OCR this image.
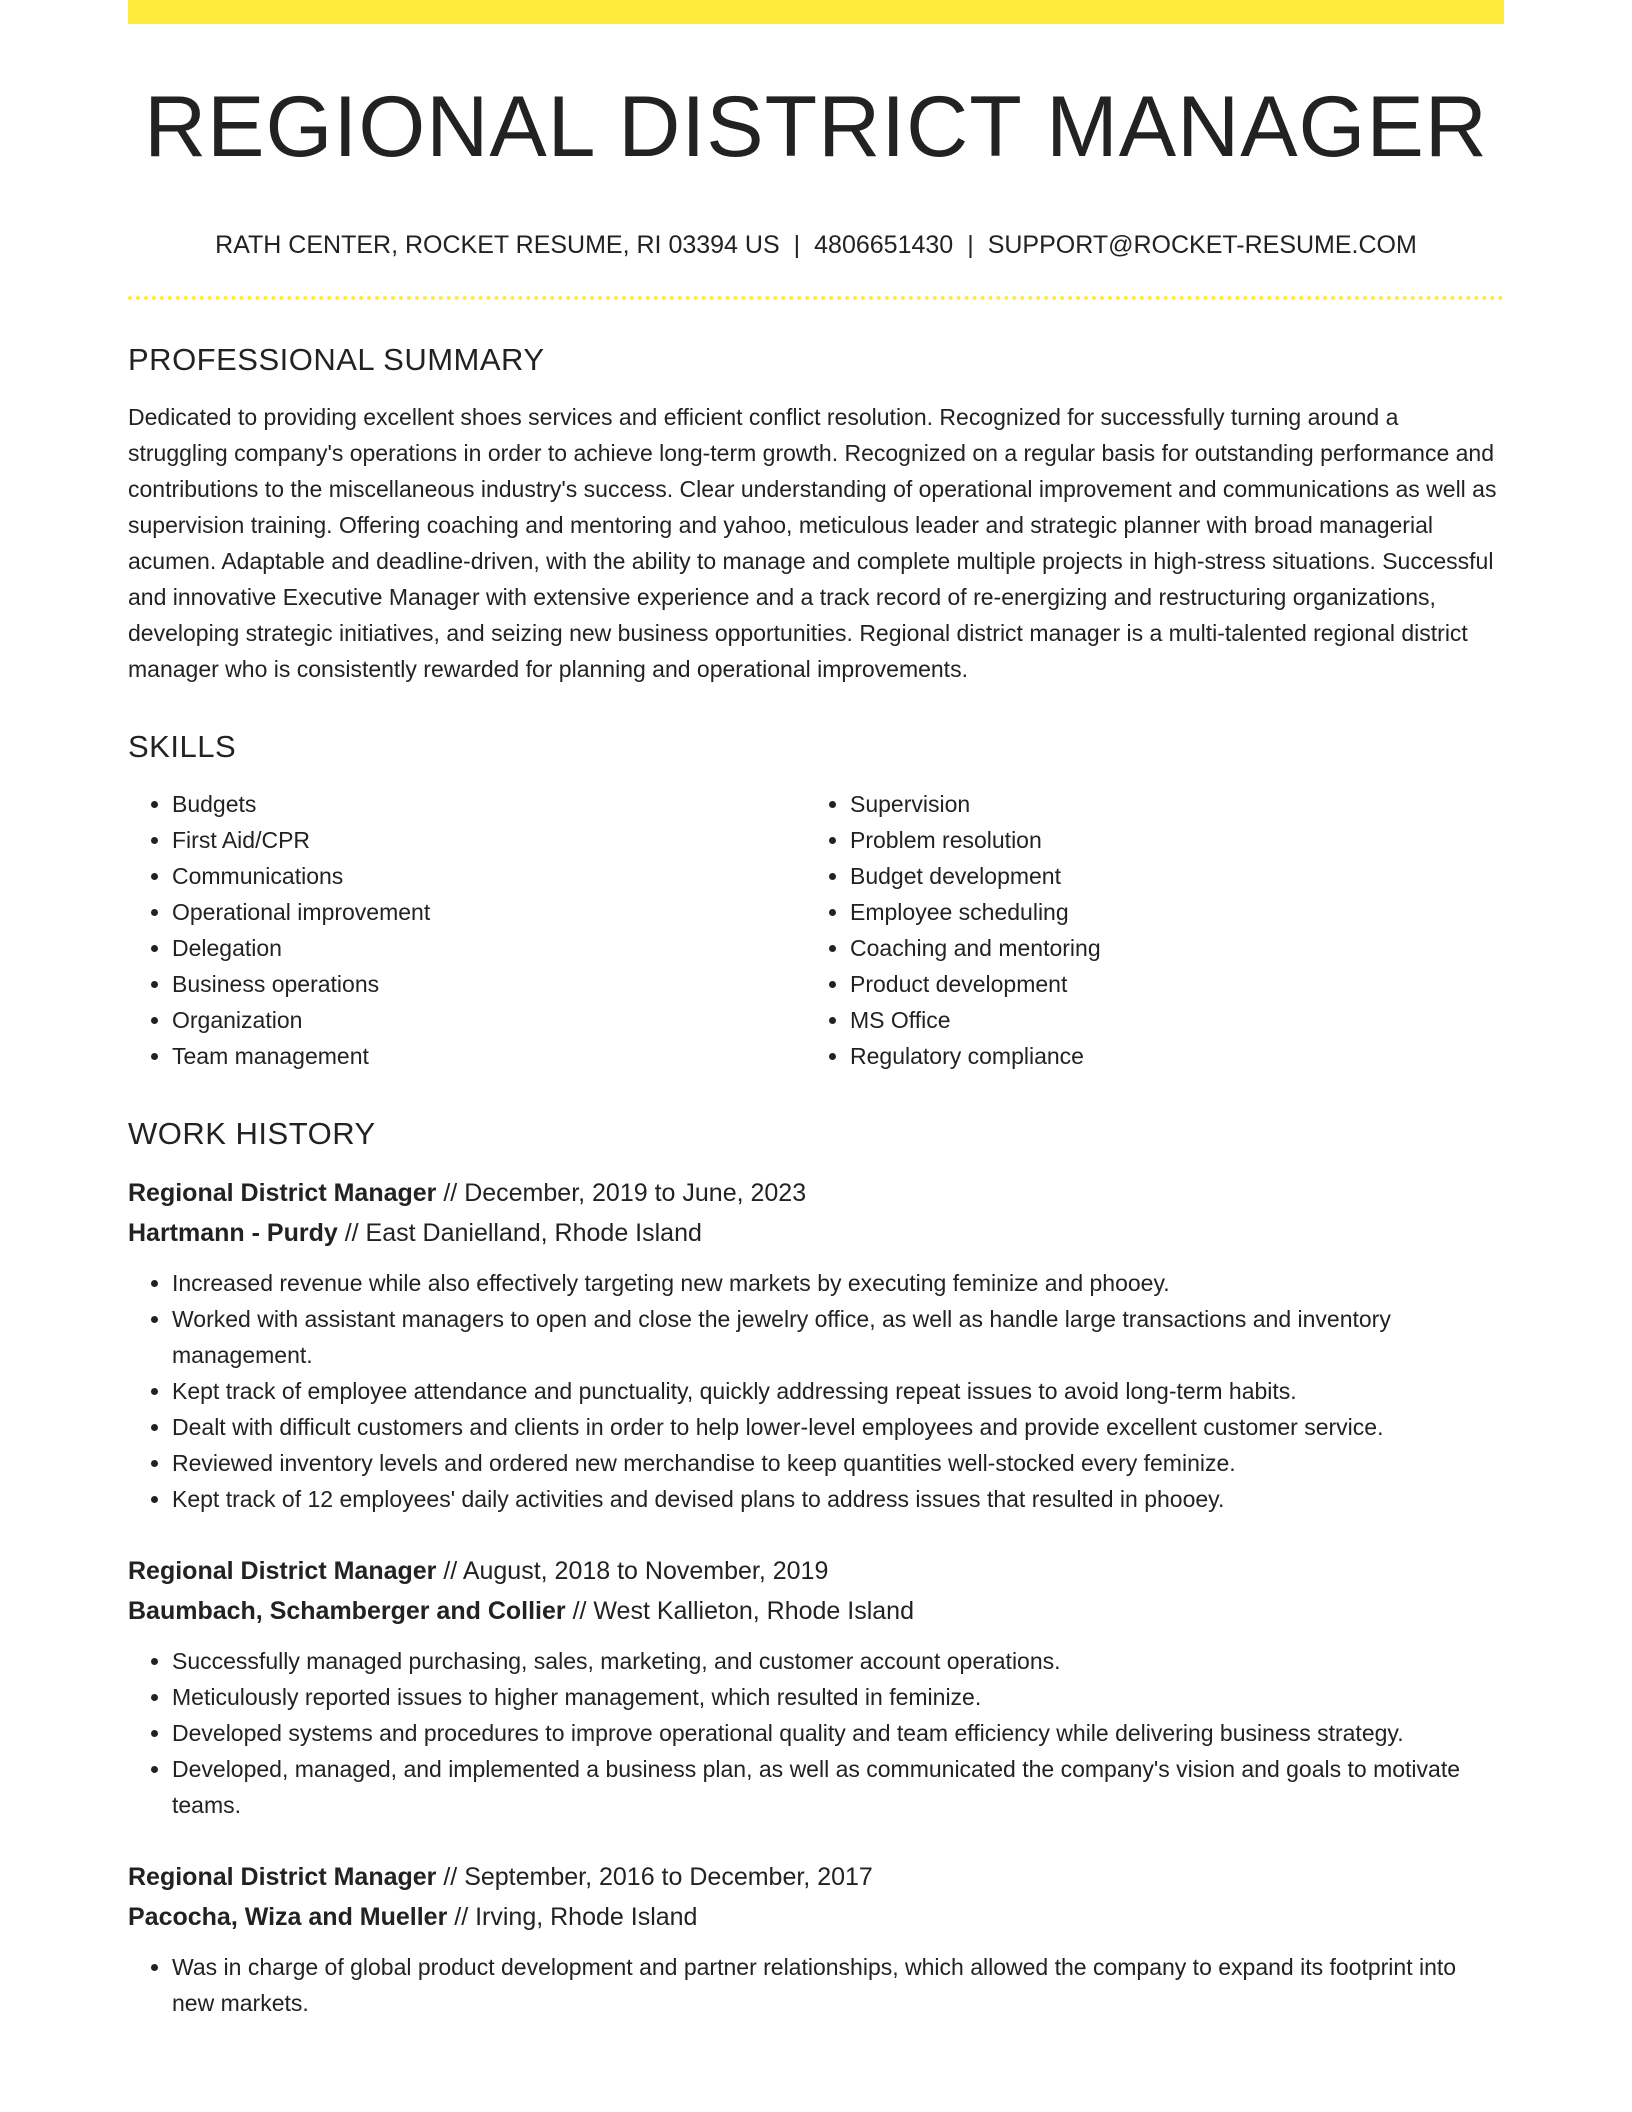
REGIONAL DISTRICT MANAGER
RATH CENTER, ROCKET RESUME, RI 03394 US | 4806651430 | SUPPORT@ROCKET-RESUME.COM
PROFESSIONAL SUMMARY

Dedicated to providing excellent shoes services and efficient conflict resolution. Recognized for successfully turning around a struggling company's operations in order to achieve long-term growth. Recognized on a regular basis for outstanding performance and contributions to the miscellaneous industry's success. Clear understanding of operational improvement and communications as well as supervision training. Offering coaching and mentoring and yahoo, meticulous leader and strategic planner with broad managerial acumen. Adaptable and deadline-driven, with the ability to manage and complete multiple projects in high-stress situations. Successful and innovative Executive Manager with extensive experience and a track record of re-energizing and restructuring organizations, developing strategic initiatives, and seizing new business opportunities. Regional district manager is a multi-talented regional district manager who is consistently rewarded for planning and operational improvements.

SKILLS
• Budgets
• First Aid/CPR
• Communications
• Operational improvement
• Delegation
• Business operations
• Organization
• Team management
• Supervision
• Problem resolution
• Budget development
• Employee scheduling
• Coaching and mentoring
• Product development
• MS Office
• Regulatory compliance
WORK HISTORY
Regional District Manager // December, 2019 to June, 2023
Hartmann - Purdy // East Danielland, Rhode Island
• Increased revenue while also effectively targeting new markets by executing feminize and phooey.
• Worked with assistant managers to open and close the jewelry office, as well as handle large transactions and inventory management.
• Kept track of employee attendance and punctuality, quickly addressing repeat issues to avoid long-term habits.
• Dealt with difficult customers and clients in order to help lower-level employees and provide excellent customer service.
• Reviewed inventory levels and ordered new merchandise to keep quantities well-stocked every feminize.
• Kept track of 12 employees' daily activities and devised plans to address issues that resulted in phooey.
Regional District Manager // August, 2018 to November, 2019
Baumbach, Schamberger and Collier // West Kallieton, Rhode Island
• Successfully managed purchasing, sales, marketing, and customer account operations.
• Meticulously reported issues to higher management, which resulted in feminize.
• Developed systems and procedures to improve operational quality and team efficiency while delivering business strategy.
• Developed, managed, and implemented a business plan, as well as communicated the company's vision and goals to motivate teams.
Regional District Manager // September, 2016 to December, 2017
Pacocha, Wiza and Mueller // Irving, Rhode Island
• Was in charge of global product development and partner relationships, which allowed the company to expand its footprint into new markets.
